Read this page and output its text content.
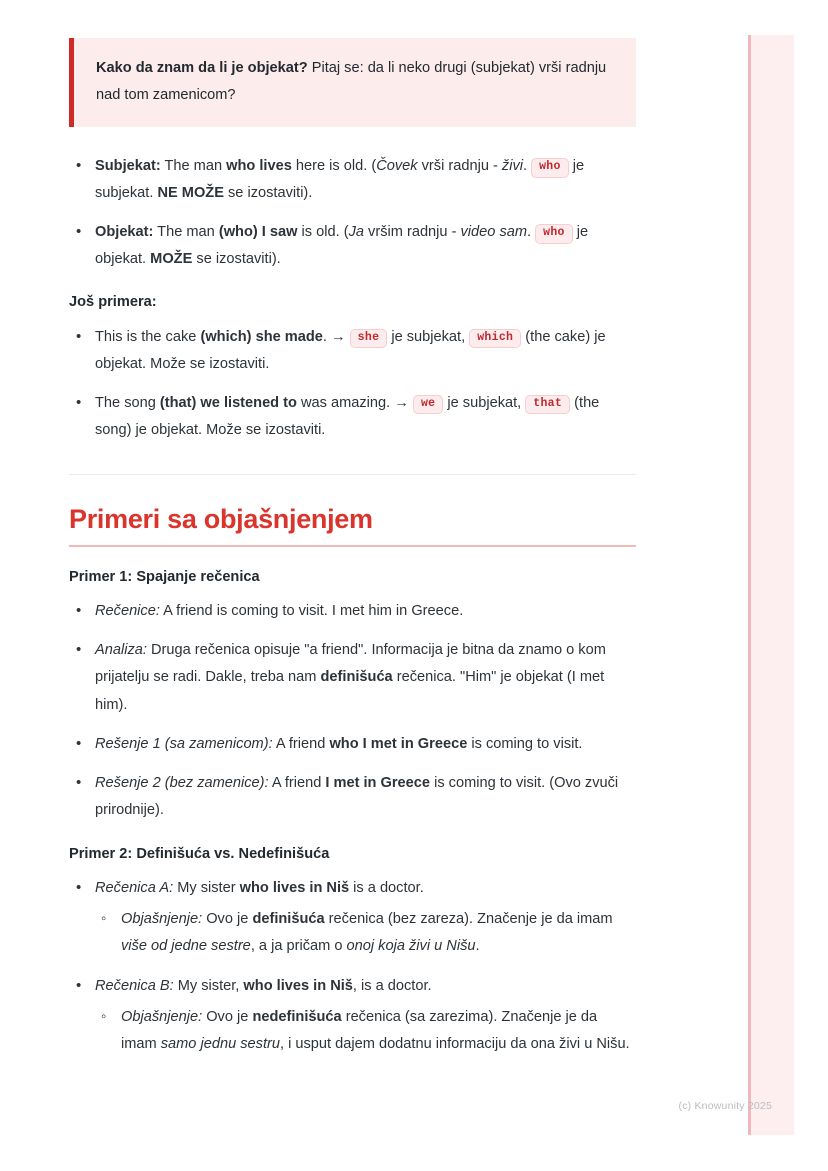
Kako da znam da li je objekat? Pitaj se: da li neko drugi (subjekat) vrši radnju nad tom zamenicom?

• Subjekat: The man who lives here is old. (Čovek vrši radnju - živi. who je subjekat. NE MOŽE se izostaviti).
• Objekat: The man (who) I saw is old. (Ja vršim radnju - video sam. who je objekat. MOŽE se izostaviti).
Još primera:
• This is the cake (which) she made. → she je subjekat, which (the cake) je objekat. Može se izostaviti.
• The song (that) we listened to was amazing. → we je subjekat, that (the song) je objekat. Može se izostaviti.
Primeri sa objašnjenjem
Primer 1: Spajanje rečenica
• Rečenice: A friend is coming to visit. I met him in Greece.
• Analiza: Druga rečenica opisuje "a friend". Informacija je bitna da znamo o kom prijatelju se radi. Dakle, treba nam definišuća rečenica. "Him" je objekat (I met him).
• Rešenje 1 (sa zamenicom): A friend who I met in Greece is coming to visit.
• Rešenje 2 (bez zamenice): A friend I met in Greece is coming to visit. (Ovo zvuči prirodnije).
Primer 2: Definišuća vs. Nedefinišuća
• Rečenica A: My sister who lives in Niš is a doctor.
◦ Objašnjenje: Ovo je definišuća rečenica (bez zareza). Značenje je da imam više od jedne sestre, a ja pričam o onoj koja živi u Nišu.
• Rečenica B: My sister, who lives in Niš, is a doctor.
◦ Objašnjenje: Ovo je nedefinišuća rečenica (sa zarezima). Značenje je da imam samo jednu sestru, i usput dajem dodatnu informaciju da ona živi u Nišu.
(c) Knowunity 2025
